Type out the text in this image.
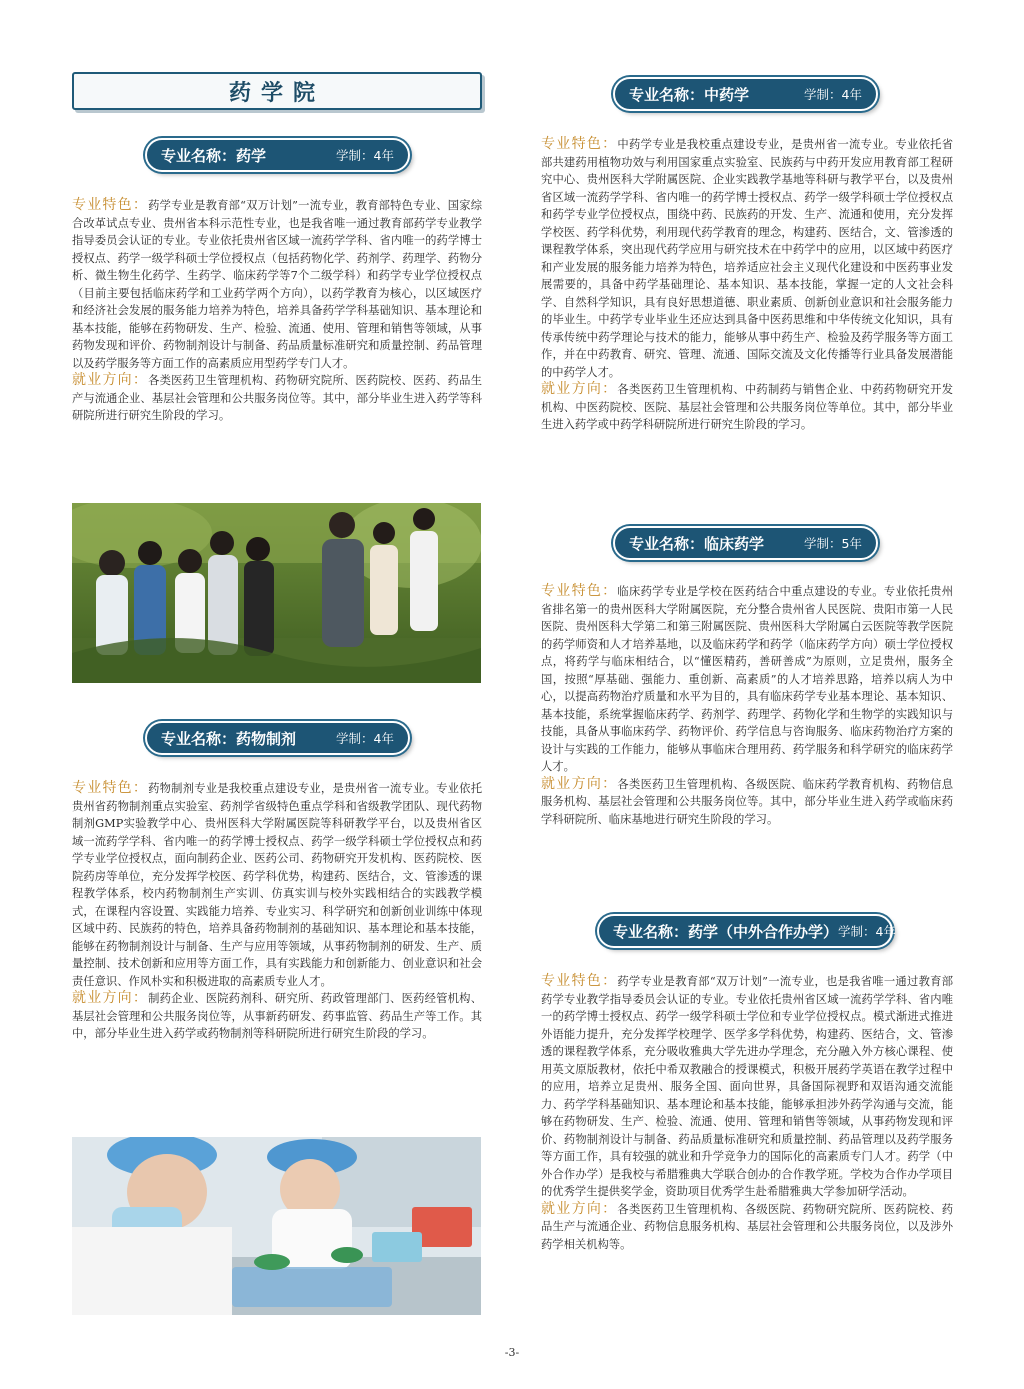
药学院
专业名称：药学	学制：4年

专业特色：药学专业是教育部“双万计划”一流专业，教育部特色专业、国家综合改革试点专业、贵州省本科示范性专业，也是我省唯一通过教育部药学专业教学指导委员会认证的专业。专业依托贵州省区域一流药学学科、省内唯一的药学博士授权点、药学一级学科硕士学位授权点（包括药物化学、药剂学、药理学、药物分析、微生物生化药学、生药学、临床药学等7个二级学科）和药学专业学位授权点（目前主要包括临床药学和工业药学两个方向），以药学教育为核心，以区域医疗和经济社会发展的服务能力培养为特色，培养具备药学学科基础知识、基本理论和基本技能，能够在药物研发、生产、检验、流通、使用、管理和销售等领域，从事药物发现和评价、药物制剂设计与制备、药品质量标准研究和质量控制、药品管理以及药学服务等方面工作的高素质应用型药学专门人才。
就业方向：各类医药卫生管理机构、药物研究院所、医药院校、医药、药品生产与流通企业、基层社会管理和公共服务岗位等。其中，部分毕业生进入药学等科研院所进行研究生阶段的学习。

专业名称：药物制剂	学制：4年

专业特色：药物制剂专业是我校重点建设专业，是贵州省一流专业。专业依托贵州省药物制剂重点实验室、药剂学省级特色重点学科和省级教学团队、现代药物制剂GMP实验教学中心、贵州医科大学附属医院等科研教学平台，以及贵州省区域一流药学学科、省内唯一的药学博士授权点、药学一级学科硕士学位授权点和药学专业学位授权点，面向制药企业、医药公司、药物研究开发机构、医药院校、医院药房等单位，充分发挥学校医、药学科优势，构建药、医结合，文、管渗透的课程教学体系，校内药物制剂生产实训、仿真实训与校外实践相结合的实践教学模式，在课程内容设置、实践能力培养、专业实习、科学研究和创新创业训练中体现区域中药、民族药的特色，培养具备药物制剂的基础知识、基本理论和基本技能，能够在药物制剂设计与制备、生产与应用等领域，从事药物制剂的研发、生产、质量控制、技术创新和应用等方面工作，具有实践能力和创新能力、创业意识和社会责任意识、作风朴实和积极进取的高素质专业人才。
就业方向：制药企业、医院药剂科、研究所、药政管理部门、医药经管机构、基层社会管理和公共服务岗位等，从事新药研发、药事监管、药品生产等工作。其中，部分毕业生进入药学或药物制剂等科研院所进行研究生阶段的学习。

专业名称：中药学	学制：4年

专业特色：中药学专业是我校重点建设专业，是贵州省一流专业。专业依托省部共建药用植物功效与利用国家重点实验室、民族药与中药开发应用教育部工程研究中心、贵州医科大学附属医院、企业实践教学基地等科研与教学平台，以及贵州省区域一流药学学科、省内唯一的药学博士授权点、药学一级学科硕士学位授权点和药学专业学位授权点，围绕中药、民族药的开发、生产、流通和使用，充分发挥学校医、药学科优势，利用现代药学教育的理念，构建药、医结合，文、管渗透的课程教学体系，突出现代药学应用与研究技术在中药学中的应用，以区域中药医疗和产业发展的服务能力培养为特色，培养适应社会主义现代化建设和中医药事业发展需要的，具备中药学基础理论、基本知识、基本技能，掌握一定的人文社会科学、自然科学知识，具有良好思想道德、职业素质、创新创业意识和社会服务能力的毕业生。中药学专业毕业生还应达到具备中医药思维和中华传统文化知识，具有传承传统中药学理论与技术的能力，能够从事中药生产、检验及药学服务等方面工作，并在中药教育、研究、管理、流通、国际交流及文化传播等行业具备发展潜能的中药学人才。
就业方向：各类医药卫生管理机构、中药制药与销售企业、中药药物研究开发机构、中医药院校、医院、基层社会管理和公共服务岗位等单位。其中，部分毕业生进入药学或中药学科研院所进行研究生阶段的学习。

专业名称：临床药学	学制：5年

专业特色：临床药学专业是学校在医药结合中重点建设的专业。专业依托贵州省排名第一的贵州医科大学附属医院，充分整合贵州省人民医院、贵阳市第一人民医院、贵州医科大学第二和第三附属医院、贵州医科大学附属白云医院等教学医院的药学师资和人才培养基地，以及临床药学和药学（临床药学方向）硕士学位授权点，将药学与临床相结合，以“懂医精药，善研善成”为原则，立足贵州，服务全国，按照“厚基础、强能力、重创新、高素质”的人才培养思路，培养以病人为中心，以提高药物治疗质量和水平为目的，具有临床药学专业基本理论、基本知识、基本技能，系统掌握临床药学、药剂学、药理学、药物化学和生物学的实践知识与技能，具备从事临床药学、药物评价、药学信息与咨询服务、临床药物治疗方案的设计与实践的工作能力，能够从事临床合理用药、药学服务和科学研究的临床药学人才。
就业方向：各类医药卫生管理机构、各级医院、临床药学教育机构、药物信息服务机构、基层社会管理和公共服务岗位等。其中，部分毕业生进入药学或临床药学科研院所、临床基地进行研究生阶段的学习。

专业名称：药学（中外合作办学） 学制：4年

专业特色：药学专业是教育部“双万计划”一流专业，也是我省唯一通过教育部药学专业教学指导委员会认证的专业。专业依托贵州省区域一流药学学科、省内唯一的药学博士授权点、药学一级学科硕士学位和专业学位授权点。模式渐进式推进外语能力提升，充分发挥学校理学、医学多学科优势，构建药、医结合，文、管渗透的课程教学体系，充分吸收雅典大学先进办学理念，充分融入外方核心课程、使用英文原版教材，依托中希双教融合的授课模式，积极开展药学英语在教学过程中的应用，培养立足贵州、服务全国、面向世界，具备国际视野和双语沟通交流能力、药学学科基础知识、基本理论和基本技能，能够承担涉外药学沟通与交流，能够在药物研发、生产、检验、流通、使用、管理和销售等领域，从事药物发现和评价、药物制剂设计与制备、药品质量标准研究和质量控制、药品管理以及药学服务等方面工作，具有较强的就业和升学竞争力的国际化的高素质专门人才。药学（中外合作办学）是我校与希腊雅典大学联合创办的合作教学班。学校为合作办学项目的优秀学生提供奖学金，资助项目优秀学生赴希腊雅典大学参加研学活动。
就业方向：各类医药卫生管理机构、各级医院、药物研究院所、医药院校、药品生产与流通企业、药物信息服务机构、基层社会管理和公共服务岗位，以及涉外药学相关机构等。

-3-
